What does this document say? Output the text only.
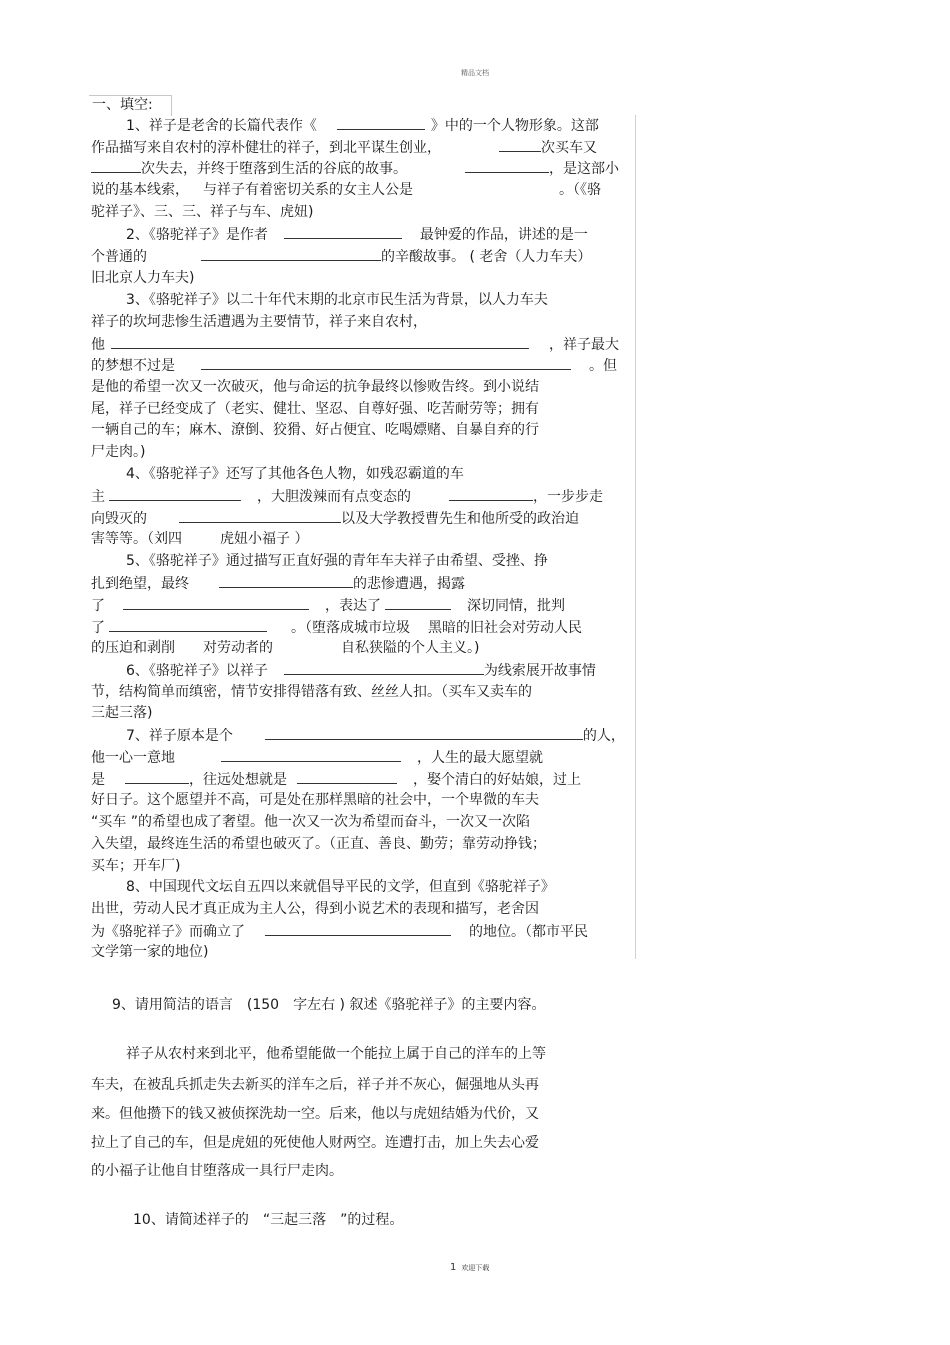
精品文档
一、填空:
1、祥子是老舍的长篇代表作《	》中的一个人物形象。这部
作品描写来自农村的淳朴健壮的祥子，到北平谋生创业，	次买车又
次失去，并终于堕落到生活的谷底的故事。	，是这部小
说的基本线索， 与祥子有着密切关系的女主人公是	。（《骆
驼祥子》、三、三、祥子与车、虎妞)
2、《骆驼祥子》是作者	最钟爱的作品，讲述的是一
个普通的	的辛酸故事。 ( 老舍（人力车夫）
旧北京人力车夫)
3、《骆驼祥子》以二十年代末期的北京市民生活为背景，以人力车夫
祥子的坎坷悲惨生活遭遇为主要情节，祥子来自农村，
他	，祥子最大
的梦想不过是	。但
是他的希望一次又一次破灭，他与命运的抗争最终以惨败告终。到小说结
尾，祥子已经变成了（老实、健壮、坚忍、自尊好强、吃苦耐劳等；拥有
一辆自己的车；麻木、潦倒、狡猾、好占便宜、吃喝嫖赌、自暴自弃的行
尸走肉。)
4、《骆驼祥子》还写了其他各色人物，如残忍霸道的车
主	，大胆泼辣而有点变态的	，一步步走
向毁灭的	以及大学教授曹先生和他所受的政治迫
害等等。（刘四	虎妞小福子 ）
5、《骆驼祥子》通过描写正直好强的青年车夫祥子由希望、受挫、挣
扎到绝望，最终	的悲惨遭遇，揭露
了	，表达了	深切同情，批判
了	。（堕落成城市垃圾 黑暗的旧社会对劳动人民
的压迫和剥削 对劳动者的	自私狭隘的个人主义。)
6、《骆驼祥子》以祥子	为线索展开故事情
节，结构简单而缜密，情节安排得错落有致、丝丝人扣。（买车又卖车的
三起三落)
7、祥子原本是个	的人，
他一心一意地	，人生的最大愿望就
是	，往远处想就是	，娶个清白的好姑娘，过上
好日子。这个愿望并不高，可是处在那样黑暗的社会中，一个卑微的车夫
“买车 ”的希望也成了奢望。他一次又一次为希望而奋斗，一次又一次陷
入失望，最终连生活的希望也破灭了。（正直、善良、勤劳；靠劳动挣钱；
买车；开车厂)
8、中国现代文坛自五四以来就倡导平民的文学，但直到《骆驼祥子》
出世，劳动人民才真正成为主人公，得到小说艺术的表现和描写，老舍因
为《骆驼祥子》而确立了	的地位。（都市平民
文学第一家的地位)
9、请用简洁的语言　(150　字左右 ) 叙述《骆驼祥子》的主要内容。
祥子从农村来到北平，他希望能做一个能拉上属于自己的洋车的上等
车夫，在被乱兵抓走失去新买的洋车之后，祥子并不灰心，倔强地从头再
来。但他攒下的钱又被侦探洗劫一空。后来，他以与虎妞结婚为代价，又
拉上了自己的车，但是虎妞的死使他人财两空。连遭打击，加上失去心爱
的小福子让他自甘堕落成一具行尸走肉。
10、请简述祥子的　“三起三落　”的过程。
1 欢迎下载
